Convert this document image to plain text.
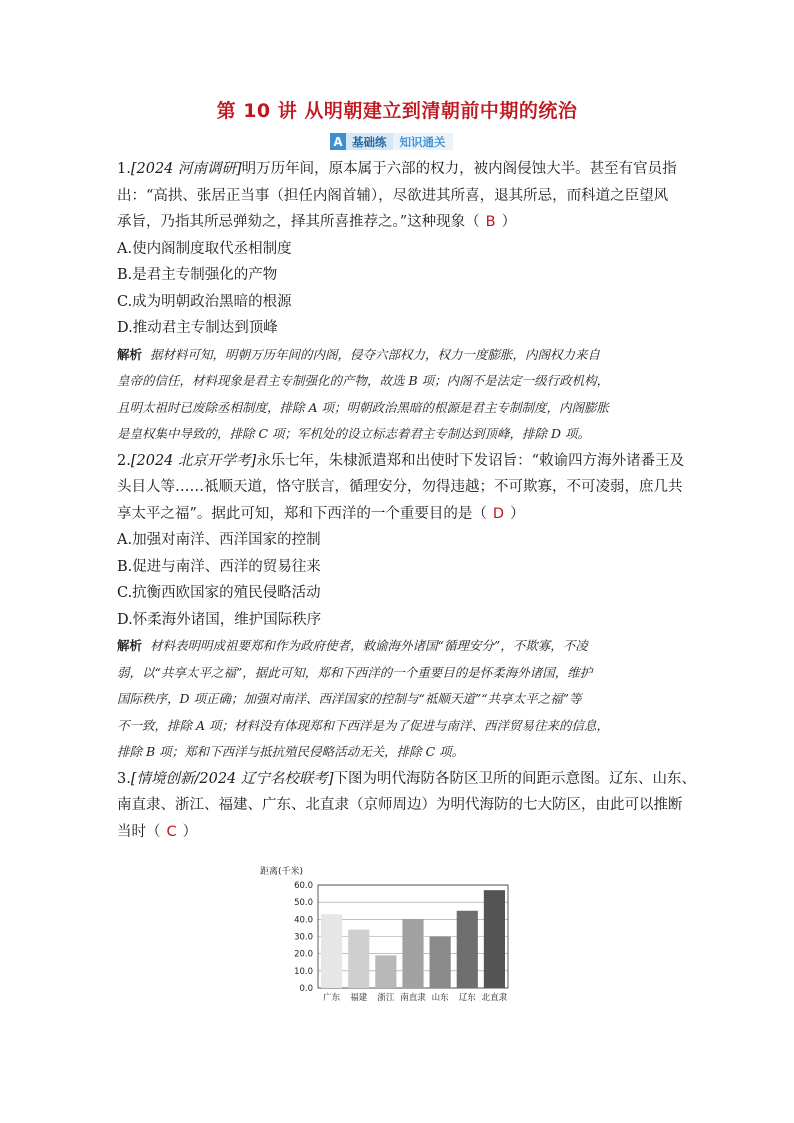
第 10 讲 从明朝建立到清朝前中期的统治
A 基础练	知识通关
1.[2024 河南调研]明万历年间，原本属于六部的权力，被内阁侵蚀大半。甚至有官员指
出：“高拱、张居正当事（担任内阁首辅），尽欲进其所喜，退其所忌，而科道之臣望风
承旨，乃指其所忌弹劾之，择其所喜推荐之。”这种现象（ B ）
A.使内阁制度取代丞相制度
B.是君主专制强化的产物
C.成为明朝政治黑暗的根源
D.推动君主专制达到顶峰
解析 据材料可知，明朝万历年间的内阁，侵夺六部权力，权力一度膨胀，内阁权力来自
皇帝的信任，材料现象是君主专制强化的产物，故选 B 项；内阁不是法定一级行政机构，
且明太祖时已废除丞相制度，排除 A 项；明朝政治黑暗的根源是君主专制制度，内阁膨胀
是皇权集中导致的，排除 C 项；军机处的设立标志着君主专制达到顶峰，排除 D 项。
2.[2024 北京开学考]永乐七年，朱棣派遣郑和出使时下发诏旨：“敕谕四方海外诸番王及
头目人等……祗顺天道，恪守朕言，循理安分，勿得违越；不可欺寡，不可凌弱，庶几共
享太平之福”。据此可知，郑和下西洋的一个重要目的是（ D ）
A.加强对南洋、西洋国家的控制
B.促进与南洋、西洋的贸易往来
C.抗衡西欧国家的殖民侵略活动
D.怀柔海外诸国，维护国际秩序
解析 材料表明明成祖要郑和作为政府使者，敕谕海外诸国“循理安分”，不欺寡，不凌
弱，以“共享太平之福”，据此可知，郑和下西洋的一个重要目的是怀柔海外诸国，维护
国际秩序，D 项正确；加强对南洋、西洋国家的控制与“祗顺天道”“共享太平之福”等
不一致，排除 A 项；材料没有体现郑和下西洋是为了促进与南洋、西洋贸易往来的信息，
排除 B 项；郑和下西洋与抵抗殖民侵略活动无关，排除 C 项。
3.[情境创新/2024 辽宁名校联考]下图为明代海防各防区卫所的间距示意图。辽东、山东、
南直隶、浙江、福建、广东、北直隶（京师周边）为明代海防的七大防区，由此可以推断
当时（ C ）
距离(千米)
0.0
10.0
20.0
30.0
40.0
50.0
60.0
广东 福建 浙江 南直隶 山东 辽东 北直隶
